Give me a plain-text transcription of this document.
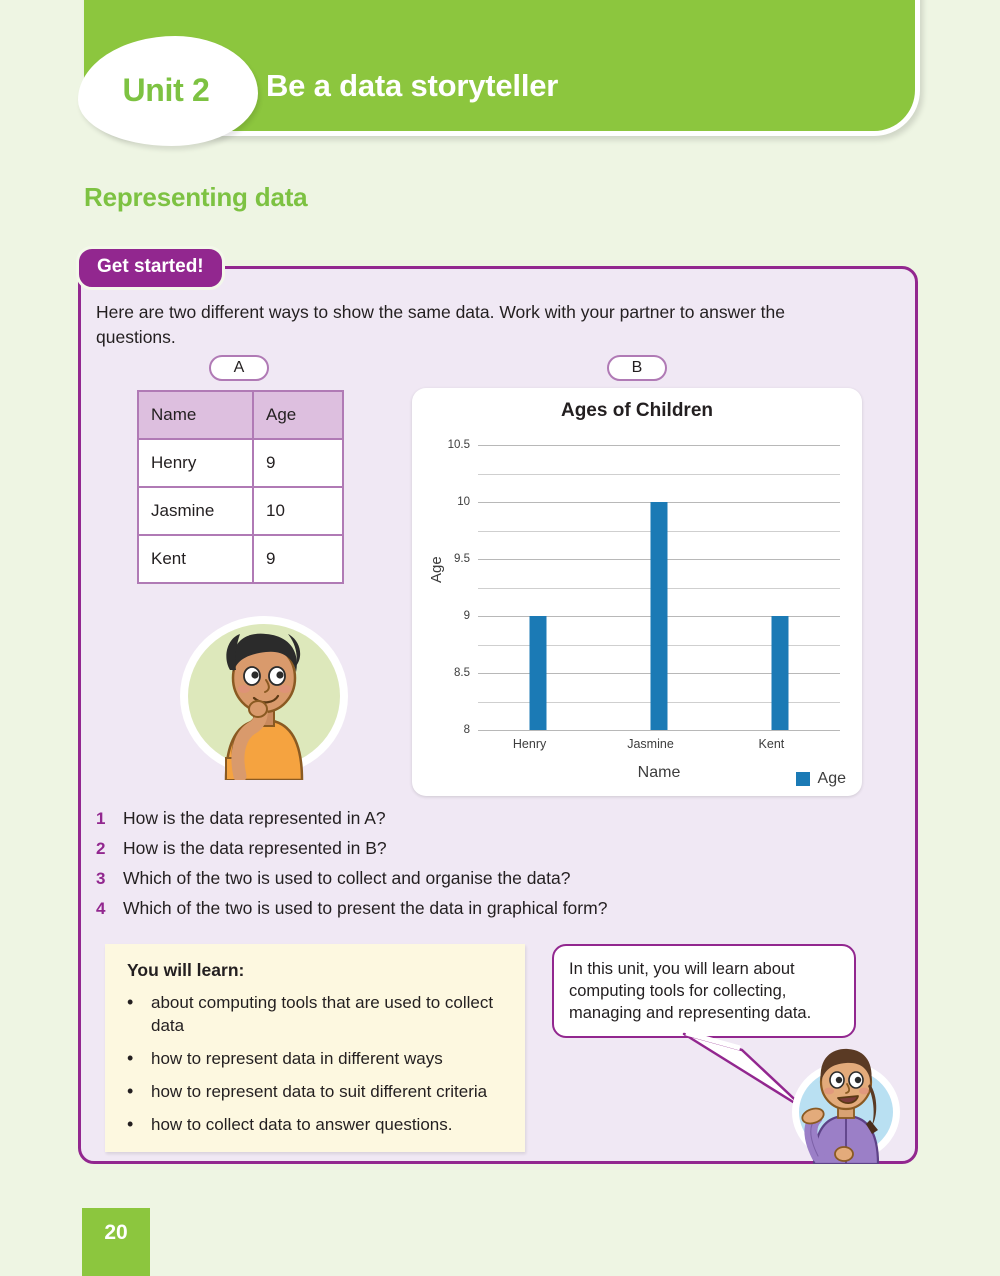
Unit 2 Be a data storyteller
Representing data
Get started!
Here are two different ways to show the same data. Work with your partner to answer the questions.
A	B
Name	Age
Henry	9
Jasmine	10
Kent	9
Ages of Children
Age
10.5
10
9.5
9
8.5
8
Henry	Jasmine	Kent
Name	Age
1	How is the data represented in A?
2	How is the data represented in B?
3	Which of the two is used to collect and organise the data?
4	Which of the two is used to present the data in graphical form?
You will learn:
•	about computing tools that are used to collect data
•	how to represent data in different ways
•	how to represent data to suit different criteria
•	how to collect data to answer questions.
In this unit, you will learn about computing tools for collecting, managing and representing data.
20
